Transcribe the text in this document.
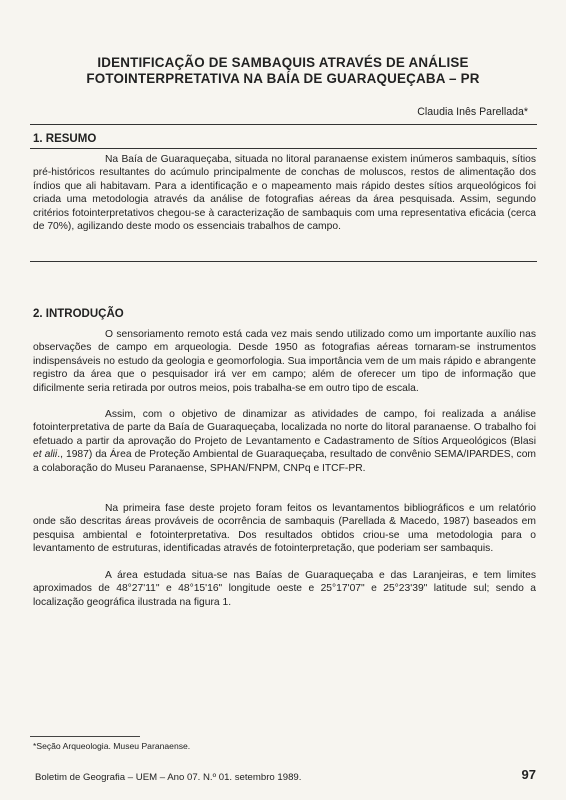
IDENTIFICAÇÃO DE SAMBAQUIS ATRAVÉS DE ANÁLISE
FOTOINTERPRETATIVA NA BAÍA DE GUARAQUEÇABA – PR
Claudia Inês Parellada*
1. RESUMO

Na Baía de Guaraqueçaba, situada no litoral paranaense existem inúmeros sambaquis, sítios pré-históricos resultantes do acúmulo principalmente de conchas de moluscos, restos de alimentação dos índios que ali habitavam. Para a identificação e o mapeamento mais rápido destes sítios arqueológicos foi criada uma metodologia através da análise de fotografias aéreas da área pesquisada. Assim, segundo critérios fotointerpretativos chegou-se à caracterização de sambaquis com uma representativa eficácia (cerca de 70%), agilizando deste modo os essenciais trabalhos de campo.

2. INTRODUÇÃO

O sensoriamento remoto está cada vez mais sendo utilizado como um importante auxílio nas observações de campo em arqueologia. Desde 1950 as fotografias aéreas tornaram-se instrumentos indispensáveis no estudo da geologia e geomorfologia. Sua importância vem de um mais rápido e abrangente registro da área que o pesquisador irá ver em campo; além de oferecer um tipo de informação que dificilmente seria retirada por outros meios, pois trabalha-se em outro tipo de escala.

Assim, com o objetivo de dinamizar as atividades de campo, foi realizada a análise fotointerpretativa de parte da Baía de Guaraqueçaba, localizada no norte do litoral paranaense. O trabalho foi efetuado a partir da aprovação do Projeto de Levantamento e Cadastramento de Sítios Arqueológicos (Blasi et alii., 1987) da Área de Proteção Ambiental de Guaraqueçaba, resultado de convênio SEMA/IPARDES, com a colaboração do Museu Paranaense, SPHAN/FNPM, CNPq e ITCF-PR.

Na primeira fase deste projeto foram feitos os levantamentos bibliográficos e um relatório onde são descritas áreas prováveis de ocorrência de sambaquis (Parellada & Macedo, 1987) baseados em pesquisa ambiental e fotointerpretativa. Dos resultados obtidos criou-se uma metodologia para o levantamento de estruturas, identificadas através de fotointerpretação, que poderiam ser sambaquis.

A área estudada situa-se nas Baías de Guaraqueçaba e das Laranjeiras, e tem limites aproximados de 48°27'11" e 48°15'16" longitude oeste e 25°17'07" e 25°23'39" latitude sul; sendo a localização geográfica ilustrada na figura 1.

*Seção Arqueologia. Museu Paranaense.
Boletim de Geografia – UEM – Ano 07. N.º 01. setembro 1989.	97
